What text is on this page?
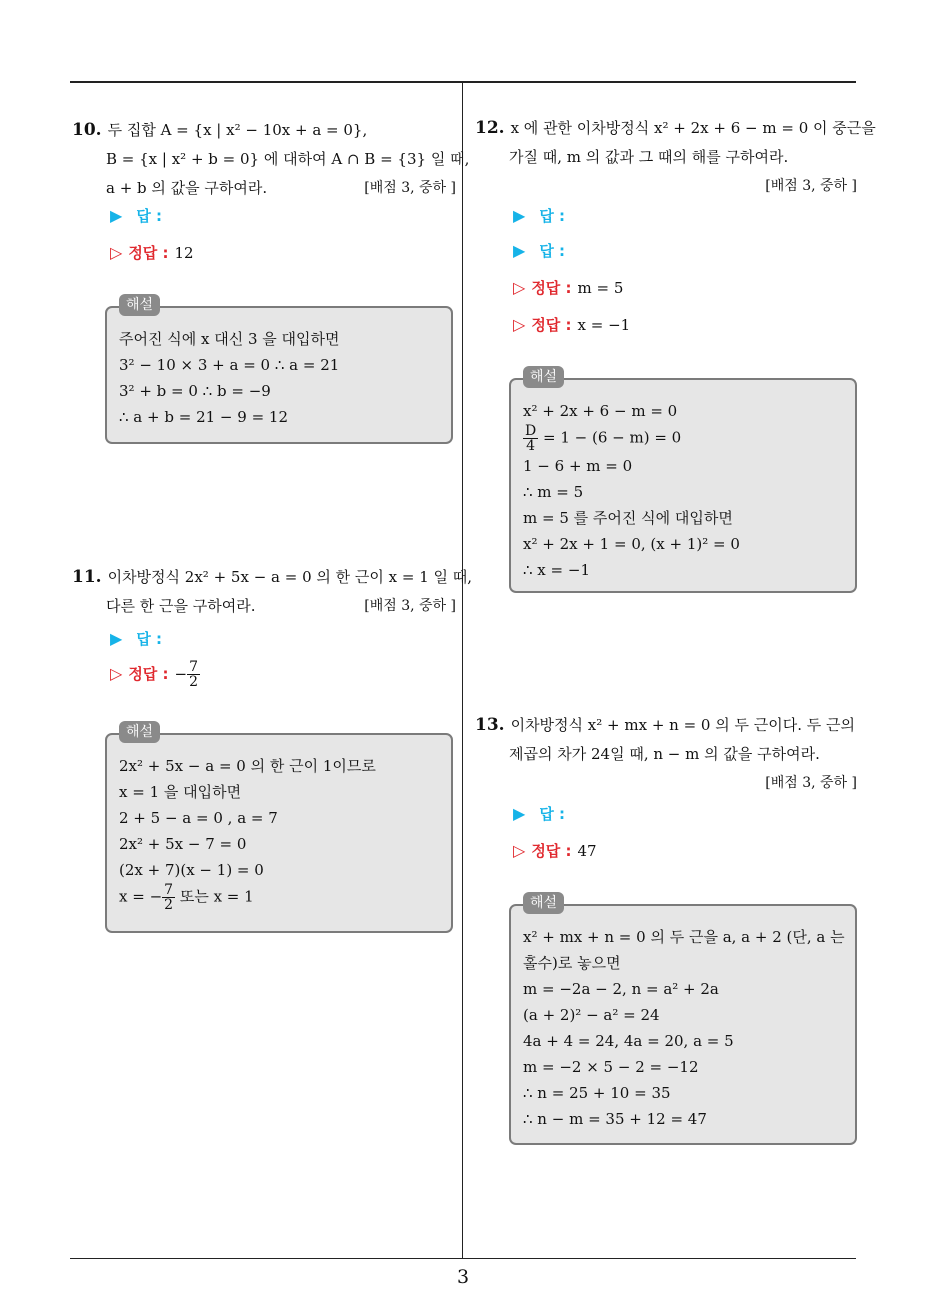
3
10. 두 집합 A = {x | x² − 10x + a = 0},
B = {x | x² + b = 0} 에 대하여 A ∩ B = {3} 일 때,
a + b 의 값을 구하여라.	[배점 3, 중하 ]
▶ 답 :
▷ 정답 : 12
해설
주어진 식에 x 대신 3 을 대입하면
3² − 10 × 3 + a = 0 ∴ a = 21
3² + b = 0 ∴ b = −9
∴ a + b = 21 − 9 = 12
11. 이차방정식 2x² + 5x − a = 0 의 한 근이 x = 1 일 때,
다른 한 근을 구하여라.	[배점 3, 중하 ]
▶ 답 :
▷ 정답 : − $\frac{7}{2}$
해설
2x² + 5x − a = 0 의 한 근이 1이므로
x = 1 을 대입하면
2 + 5 − a = 0 , a = 7
2x² + 5x − 7 = 0
(2x + 7)(x − 1) = 0
x = − $\frac{7}{2}$ 또는 x = 1
12. x 에 관한 이차방정식 x² + 2x + 6 − m = 0 이 중근을
가질 때, m 의 값과 그 때의 해를 구하여라.
[배점 3, 중하 ]
▶ 답 :
▶ 답 :
▷ 정답 : m = 5
▷ 정답 : x = −1
해설
x² + 2x + 6 − m = 0
$\frac{D}{4} = 1 - (6 - m) = 0$
1 − 6 + m = 0
∴ m = 5
m = 5 를 주어진 식에 대입하면
x² + 2x + 1 = 0, (x + 1)² = 0
∴ x = −1
13. 이차방정식 x² + mx + n = 0 의 두 근이다. 두 근의
제곱의 차가 24일 때, n − m 의 값을 구하여라.
[배점 3, 중하 ]
▶ 답 :
▷ 정답 : 47
해설
x² + mx + n = 0 의 두 근을 a, a + 2 (단, a 는
홀수)로 놓으면
m = −2a − 2, n = a² + 2a
(a + 2)² − a² = 24
4a + 4 = 24, 4a = 20, a = 5
m = −2 × 5 − 2 = −12
∴ n = 25 + 10 = 35
∴ n − m = 35 + 12 = 47
